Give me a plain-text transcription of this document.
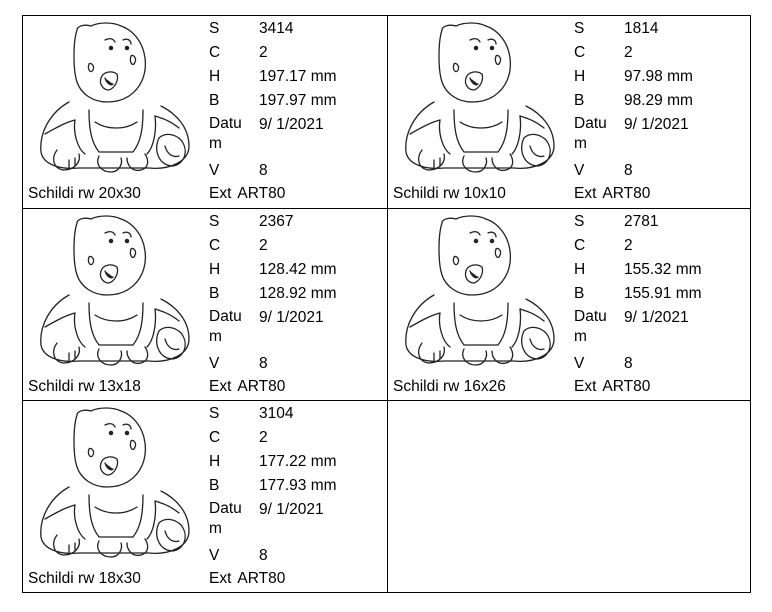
S	3414
C	2
H	197.17 mm
B	197.97 mm
Datum
9/ 1/2021
V	8
Schildi rw 20x30	Ext ART80
S	1814
C	2
H	97.98 mm
B	98.29 mm
Datum
9/ 1/2021
V	8
Schildi rw 10x10	Ext ART80
S	2367
C	2
H	128.42 mm
B	128.92 mm
Datum
9/ 1/2021
V	8
Schildi rw 13x18	Ext ART80
S	2781
C	2
H	155.32 mm
B	155.91 mm
Datum
9/ 1/2021
V	8
Schildi rw 16x26	Ext ART80
S	3104
C	2
H	177.22 mm
B	177.93 mm
Datum
9/ 1/2021
V	8
Schildi rw 18x30	Ext ART80
